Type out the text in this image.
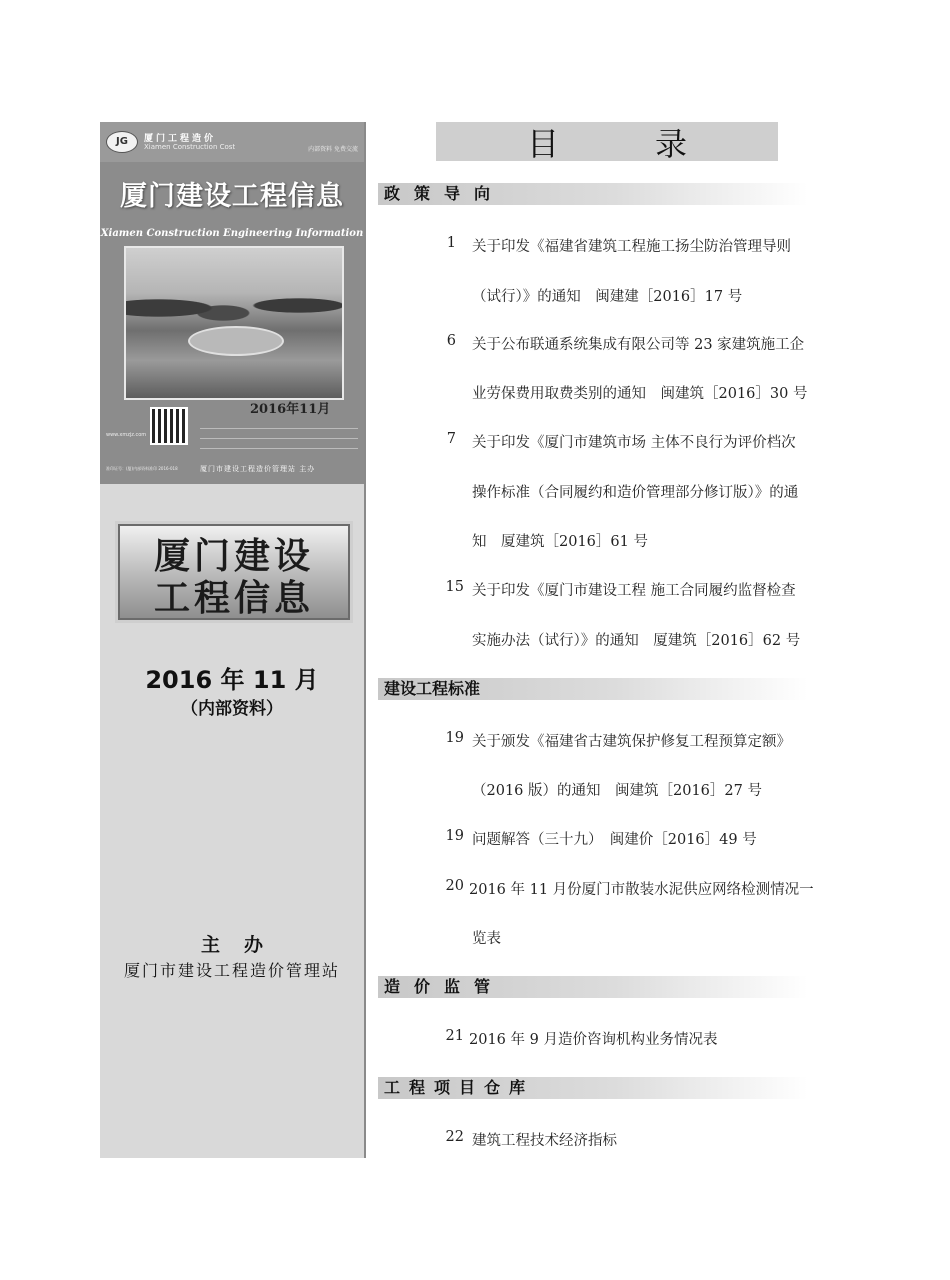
JG	厦门工程造价
Xiamen Construction Cost	内部资料 免费交流
厦门建设工程信息
Xiamen Construction Engineering Information
2016年11月
www.xmzjz.com
准印证号：(厦)内部资料准印 2016-018	厦门市建设工程造价管理站 主办
厦门建设
工程信息
2016 年 11 月
（内部资料）
主办
厦门市建设工程造价管理站
目	录
政策导向
1 关于印发《福建省建筑工程施工扬尘防治管理导则
（试行）》的通知　闽建建［2016］17 号
6 关于公布联通系统集成有限公司等 23 家建筑施工企
业劳保费用取费类别的通知　闽建筑［2016］30 号
7 关于印发《厦门市建筑市场 主体不良行为评价档次
操作标准（合同履约和造价管理部分修订版）》的通
知　厦建筑［2016］61 号
15 关于印发《厦门市建设工程 施工合同履约监督检查
实施办法（试行）》的通知　厦建筑［2016］62 号
建设工程标准
19 关于颁发《福建省古建筑保护修复工程预算定额》
（2016 版）的通知　闽建筑［2016］27 号
19 问题解答（三十九）　闽建价［2016］49 号
20 2016 年 11 月份厦门市散装水泥供应网络检测情况一
览表
造价监管
21 2016 年 9 月造价咨询机构业务情况表
工程项目仓库
22 建筑工程技术经济指标
